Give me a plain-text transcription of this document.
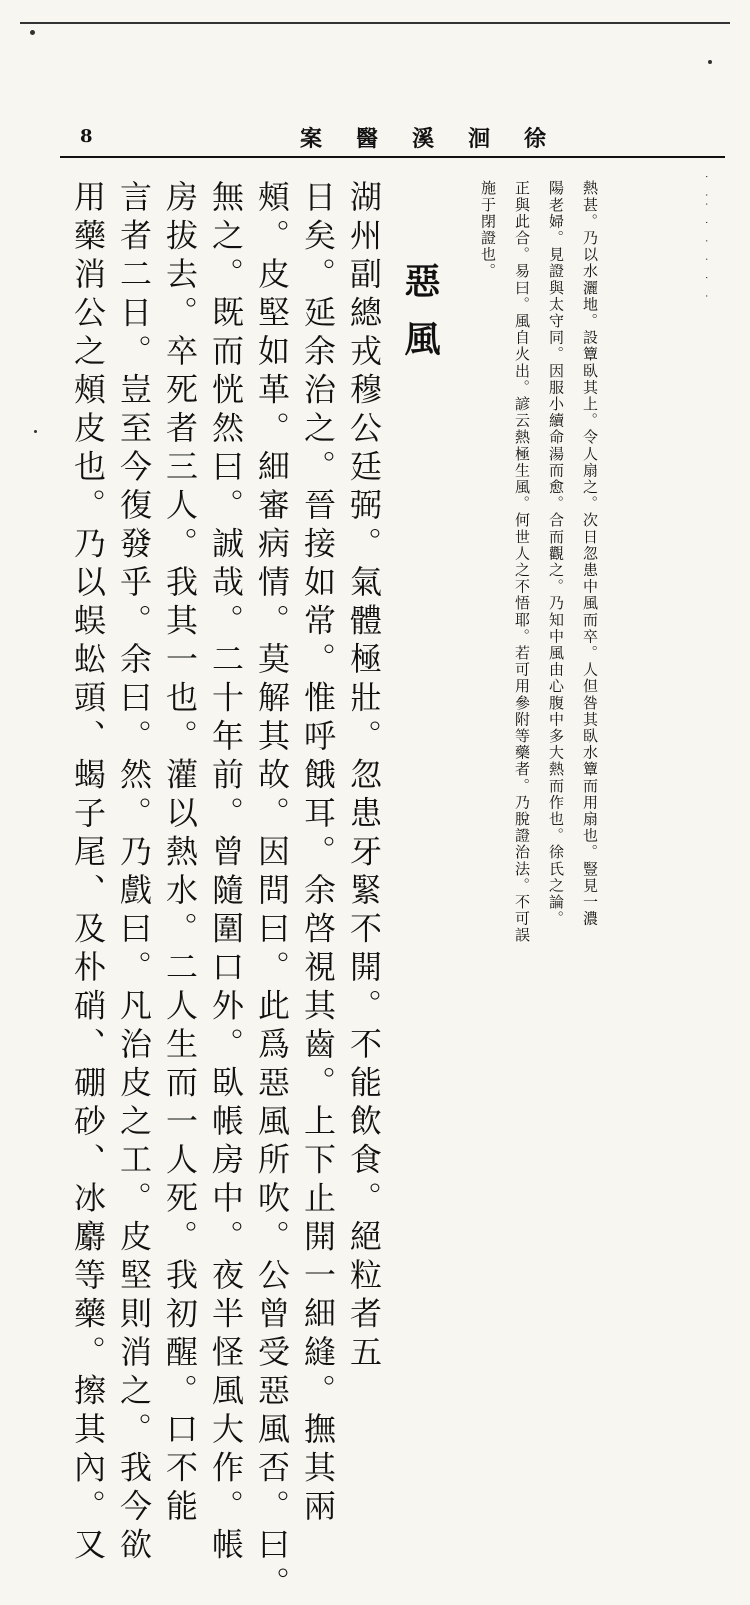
8	徐洄溪醫案
‧ ‧‧ ‧ ‧ ‧ ‧ ‧
熱甚。乃以水灑地。設簟臥其上。令人扇之。次日忽患中風而卒。人但咎其臥水簟而用扇也。豎見一濃
陽老婦。見證與太守同。因服小續命湯而愈。合而觀之。乃知中風由心腹中多大熱而作也。徐氏之論。
正與此合。易曰。風自火出。諺云熱極生風。何世人之不悟耶。若可用參附等藥者。乃脫證治法。不可誤
施于閉證也。
惡風
湖州副總戎穆公廷弼。氣體極壯。忽患牙緊不開。不能飲食。絕粒者五
日矣。延余治之。晉接如常。惟呼餓耳。余啓視其齒。上下止開一細縫。撫其兩
頰。皮堅如革。細審病情。莫解其故。因問曰。此爲惡風所吹。公曾受惡風否。曰。
無之。既而恍然曰。誠哉。二十年前。曾隨圍口外。臥帳房中。夜半怪風大作。帳
房拔去。卒死者三人。我其一也。灌以熱水。二人生而一人死。我初醒。口不能
言者二日。豈至今復發乎。余曰。然。乃戲曰。凡治皮之工。皮堅則消之。我今欲
用藥消公之頰皮也。乃以蜈蚣頭、蝎子尾、及朴硝、硼砂、冰麝等藥。擦其內。又
